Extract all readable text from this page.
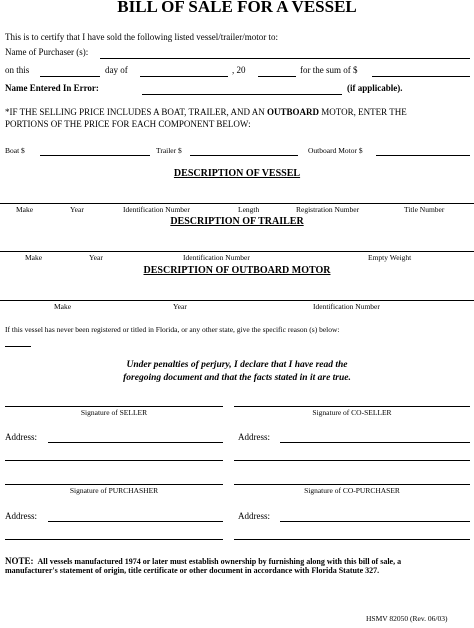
BILL OF SALE FOR A VESSEL
This is to certify that I have sold the following listed vessel/trailer/motor to:
Name of Purchaser (s):
on this	day of	, 20	for the sum of $
Name Entered In Error:	(if applicable).
*IF THE SELLING PRICE INCLUDES A BOAT, TRAILER, AND AN OUTBOARD MOTOR, ENTER THE
PORTIONS OF THE PRICE FOR EACH COMPONENT BELOW:
Boat $	Trailer $	Outboard Motor $
DESCRIPTION OF VESSEL
Make	Year	Identification Number	Length	Registration Number	Title Number
DESCRIPTION OF TRAILER
Make	Year	Identification Number	Empty Weight
DESCRIPTION OF OUTBOARD MOTOR
Make	Year	Identification Number
If this vessel has never been registered or titled in Florida, or any other state, give the specific reason (s) below:
Under penalties of perjury, I declare that I have read the
foregoing document and that the facts stated in it are true.
Signature of SELLER	Signature of CO-SELLER
Address:	Address:
Signature of PURCHASHER	Signature of CO-PURCHASER
Address:	Address:
NOTE: All vessels manufactured 1974 or later must establish ownership by furnishing along with this bill of sale, a
manufacturer's statement of origin, title certificate or other document in accordance with Florida Statute 327.
HSMV 82050 (Rev. 06/03)
